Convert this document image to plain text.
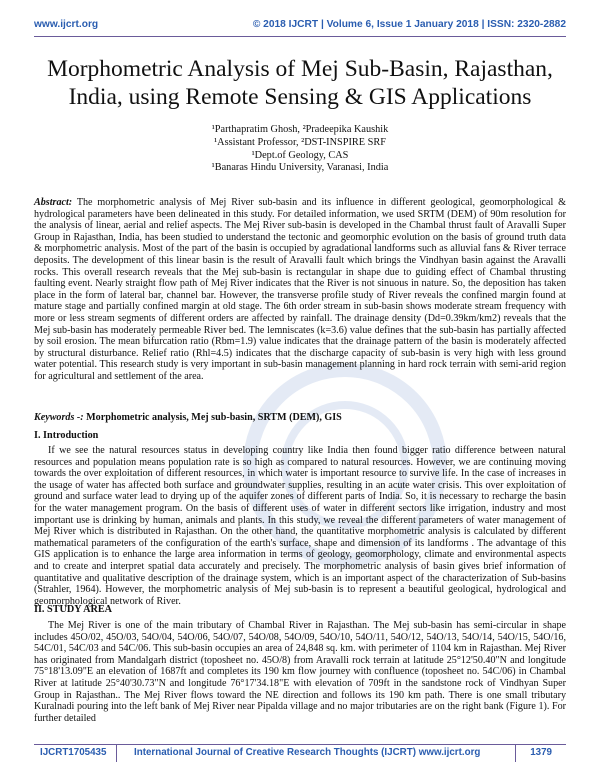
www.ijcrt.org	© 2018 IJCRT | Volume 6, Issue 1 January 2018 | ISSN: 2320-2882
Morphometric Analysis of Mej Sub-Basin, Rajasthan, India, using Remote Sensing & GIS Applications
¹Parthapratim Ghosh, ²Pradeepika Kaushik
¹Assistant Professor, ²DST-INSPIRE SRF
¹Dept.of Geology, CAS
¹Banaras Hindu University, Varanasi, India
Abstract: The morphometric analysis of Mej River sub-basin and its influence in different geological, geomorphological & hydrological parameters have been delineated in this study. For detailed information, we used SRTM (DEM) of 90m resolution for the analysis of linear, aerial and relief aspects. The Mej River sub-basin is developed in the Chambal thrust fault of Aravalli Super Group in Rajasthan, India, has been studied to understand the tectonic and geomorphic evolution on the basis of ground truth data & morphometric analysis. Most of the part of the basin is occupied by agradational landforms such as alluvial fans & River terrace deposits. The development of this linear basin is the result of Aravalli fault which brings the Vindhyan basin against the Aravalli rocks. This overall research reveals that the Mej sub-basin is rectangular in shape due to guiding effect of Chambal thrusting faulting event. Nearly straight flow path of Mej River indicates that the River is not sinuous in nature. So, the deposition has taken place in the form of lateral bar, channel bar. However, the transverse profile study of River reveals the confined margin found at mature stage and partially confined margin at old stage. The 6th order stream in sub-basin shows moderate stream frequency with more or less stream segments of different orders are affected by rainfall. The drainage density (Dd=0.39km/km2) reveals that the Mej sub-basin has moderately permeable River bed. The lemniscates (k=3.6) value defines that the sub-basin has partially affected by soil erosion. The mean bifurcation ratio (Rbm=1.9) value indicates that the drainage pattern of the basin is moderately affected by structural disturbance. Relief ratio (Rhl=4.5) indicates that the discharge capacity of sub-basin is very high with less ground water potential. This research study is very important in sub-basin management planning in hard rock terrain with semi-arid region for agricultural and settlement of the area.
Keywords -: Morphometric analysis, Mej sub-basin, SRTM (DEM), GIS
I. Introduction
If we see the natural resources status in developing country like India then found bigger ratio difference between natural resources and population means population rate is so high as compared to natural resources. However, we are continuing moving towards the over exploitation of different resources, in which water is important resource to survive life. In the case of increases in the usage of water has affected both surface and groundwater supplies, resulting in an acute water crisis. This over exploitation of ground and surface water lead to drying up of the aquifer zones of different parts of India. So, it is necessary to recharge the basin for the water management program. On the basis of different uses of water in different sectors like irrigation, industry and most important use is drinking by human, animals and plants. In this study, we reveal the different parameters of water management of Mej River which is distributed in Rajasthan. On the other hand, the quantitative morphometric analysis is calculated by different mathematical parameters of the configuration of the earth's surface, shape and dimension of its landforms . The advantage of this GIS application is to enhance the large area information in terms of geology, geomorphology, climate and environmental aspects and to create and interpret spatial data accurately and precisely. The morphometric analysis of basin gives brief information of quantitative and qualitative description of the drainage system, which is an important aspect of the characterization of Sub-basins (Strahler, 1964). However, the morphometric analysis of Mej sub-basin is to represent a beautiful geological, hydrological and geomorphological network of River.
II. STUDY AREA
The Mej River is one of the main tributary of Chambal River in Rajasthan. The Mej sub-basin has semi-circular in shape includes 45O/02, 45O/03, 54O/04, 54O/06, 54O/07, 54O/08, 54O/09, 54O/10, 54O/11, 54O/12, 54O/13, 54O/14, 54O/15, 54O/16, 54C/01, 54C/03 and 54C/06. This sub-basin occupies an area of 24,848 sq. km. with perimeter of 1104 km in Rajasthan. Mej River has originated from Mandalgarh district (toposheet no. 45O/8) from Aravalli rock terrain at latitude 25°12'50.40"N and longitude 75°18'13.09"E an elevation of 1687ft and completes its 190 km flow journey with confluence (toposheet no. 54C/06) in Chambal River at latitude 25°40'30.73"N and longitude 76°17'34.18"E with elevation of 709ft in the sandstone rock of Vindhyan Super Group in Rajasthan.. The Mej River flows toward the NE direction and follows its 190 km path. There is one small tributary Kuralnadi pouring into the left bank of Mej River near Pipalda village and no major tributaries are on the right bank (Figure 1). For further detailed
IJCRT1705435	International Journal of Creative Research Thoughts (IJCRT) www.ijcrt.org	1379
